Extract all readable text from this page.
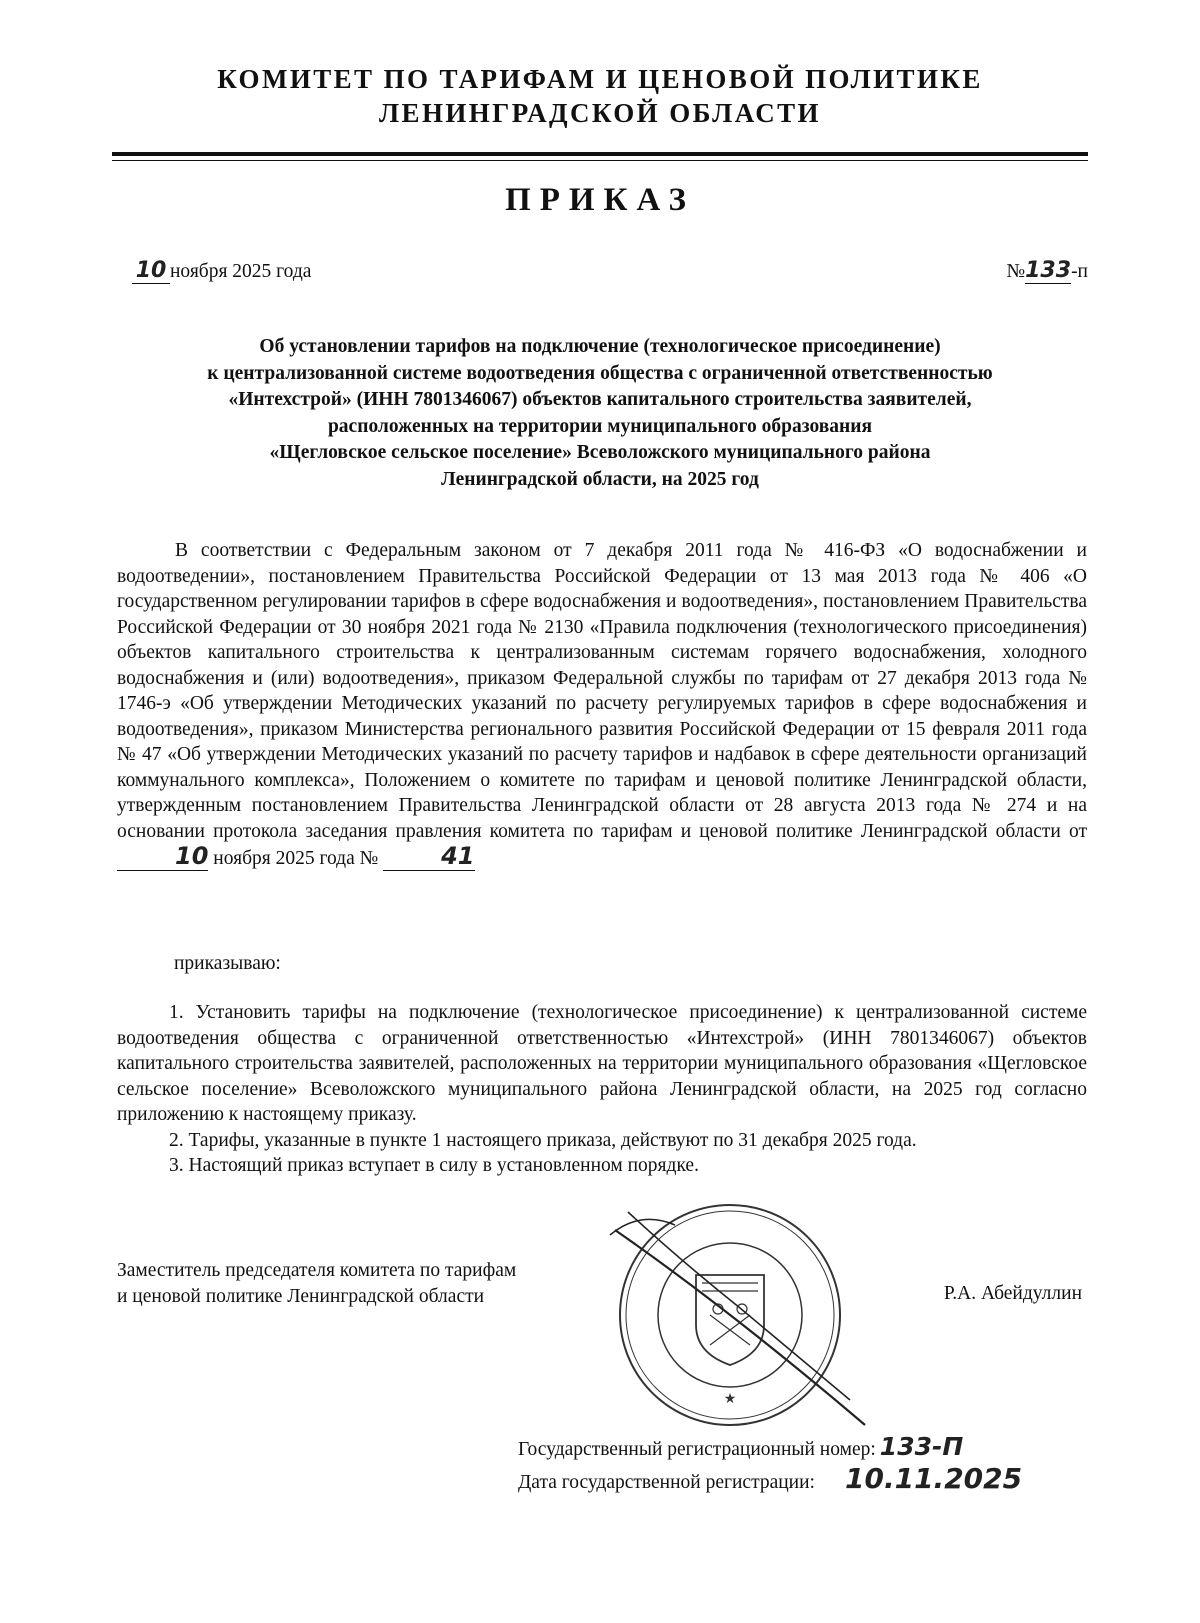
КОМИТЕТ ПО ТАРИФАМ И ЦЕНОВОЙ ПОЛИТИКЕ
ЛЕНИНГРАДСКОЙ ОБЛАСТИ
ПРИКАЗ
10 ноября 2025 года	№133-п
Об установлении тарифов на подключение (технологическое присоединение)
к централизованной системе водоотведения общества с ограниченной ответственностью
«Интехстрой» (ИНН 7801346067) объектов капитального строительства заявителей,
расположенных на территории муниципального образования
«Щегловское сельское поселение» Всеволожского муниципального района
Ленинградской области, на 2025 год

В соответствии с Федеральным законом от 7 декабря 2011 года № 416-ФЗ «О водоснабжении и водоотведении», постановлением Правительства Российской Федерации от 13 мая 2013 года № 406 «О государственном регулировании тарифов в сфере водоснабжения и водоотведения», постановлением Правительства Российской Федерации от 30 ноября 2021 года № 2130 «Правила подключения (технологического присоединения) объектов капитального строительства к централизованным системам горячего водоснабжения, холодного водоснабжения и (или) водоотведения», приказом Федеральной службы по тарифам от 27 декабря 2013 года № 1746-э «Об утверждении Методических указаний по расчету регулируемых тарифов в сфере водоснабжения и водоотведения», приказом Министерства регионального развития Российской Федерации от 15 февраля 2011 года № 47 «Об утверждении Методических указаний по расчету тарифов и надбавок в сфере деятельности организаций коммунального комплекса», Положением о комитете по тарифам и ценовой политике Ленинградской области, утвержденным постановлением Правительства Ленинградской области от 28 августа 2013 года № 274 и на основании протокола заседания правления комитета по тарифам и ценовой политике Ленинградской области от 10 ноября 2025 года №	41

приказываю:

1. Установить тарифы на подключение (технологическое присоединение) к централизованной системе водоотведения общества с ограниченной ответственностью «Интехстрой» (ИНН 7801346067) объектов капитального строительства заявителей, расположенных на территории муниципального образования «Щегловское сельское поселение» Всеволожского муниципального района Ленинградской области, на 2025 год согласно приложению к настоящему приказу.

2. Тарифы, указанные в пункте 1 настоящего приказа, действуют по 31 декабря 2025 года.

3. Настоящий приказ вступает в силу в установленном порядке.

Заместитель председателя комитета по тарифам
и ценовой политике Ленинградской области
★
Р.А. Абейдуллин
Государственный регистрационный номер: 133-П
Дата государственной регистрации: 10.11.2025
